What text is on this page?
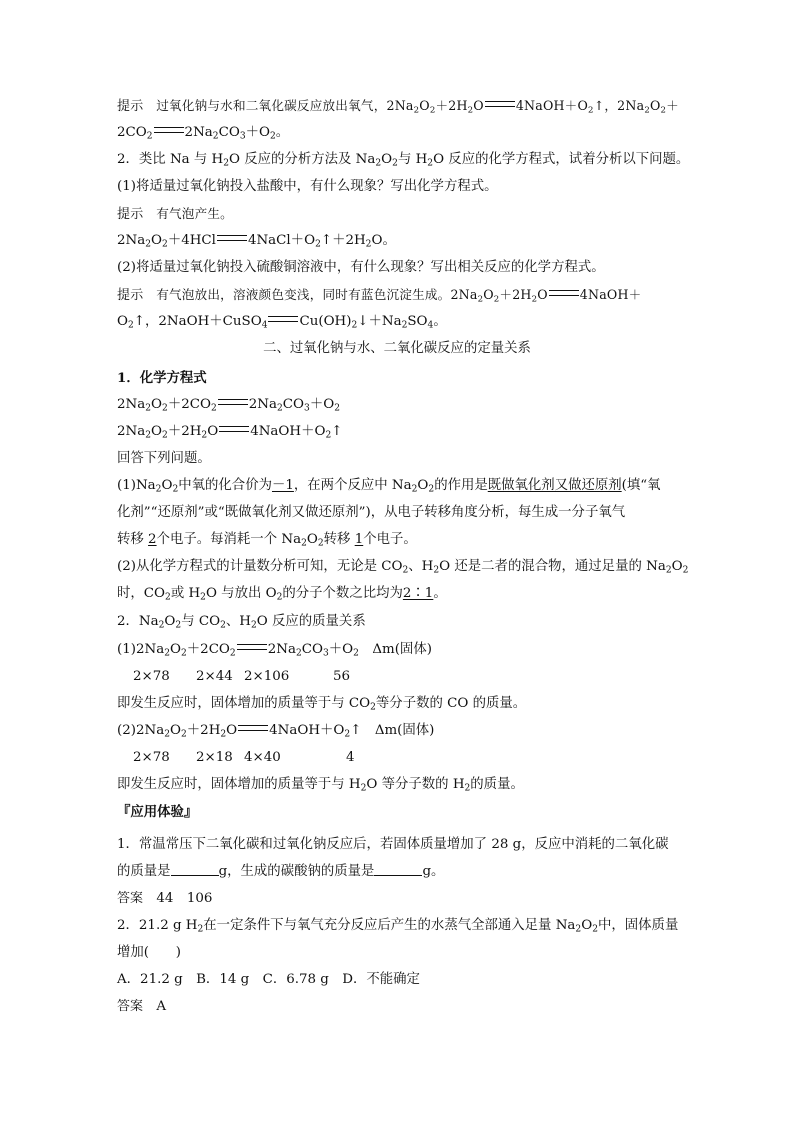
提示　过氧化钠与水和二氧化碳反应放出氧气，$2Na_2O_2+2H_2O$	$4NaOH+O_2↑$，$2Na_2O_2+$
$2CO_2$ $2Na_2CO_3+O_2$。
2．类比 Na 与 $H_2O$ 反应的分析方法及 $Na_2O_2$与 $H_2O$ 反应的化学方程式，试着分析以下问题。
(1)将适量过氧化钠投入盐酸中，有什么现象？写出化学方程式。
提示　有气泡产生。
$2Na_2O_2+4HCl$ $4NaCl+O_2↑+2H_2O$。
(2)将适量过氧化钠投入硫酸铜溶液中，有什么现象？写出相关反应的化学方程式。
提示　有气泡放出，溶液颜色变浅，同时有蓝色沉淀生成。$2Na_2O_2+2H_2O$	4NaOH＋
$O_2↑$，2NaOH＋CuSO$_4$ $Cu(OH)_2↓+Na_2SO_4$。
二、过氧化钠与水、二氧化碳反应的定量关系
1．化学方程式
$2Na_2O_2+2CO_2$ $2Na_2CO_3+O_2$
$2Na_2O_2+2H_2O$ $4NaOH+O_2↑$
回答下列问题。
$(1)Na_2O_2$中氧的化合价为－1，在两个反应中 $Na_2O_2$的作用是既做氧化剂又做还原剂(填“氧
化剂”“还原剂”或“既做氧化剂又做还原剂”)，从电子转移角度分析，每生成一分子氧气
转移 2个电子。每消耗一个 $Na_2O_2$转移 1个电子。
(2)从化学方程式的计量数分析可知，无论是 $CO_2$、$H_2O$ 还是二者的混合物，通过足量的 $Na_2O_2$
时，$CO_2$或 $H_2O$ 与放出 $O_2$的分子个数之比均为2∶1。
2．$Na_2O_2$与 $CO_2$、$H_2O$ 反应的质量关系
$(1)2Na_2O_2+2CO_2$ $2Na_2CO_3+O_2$　Δm(固体)
即发生反应时，固体增加的质量等于与 $CO_2$等分子数的 CO 的质量。
$(2)2Na_2O_2+2H_2O$ $4NaOH+O_2↑$　Δm(固体)
即发生反应时，固体增加的质量等于与 $H_2O$ 等分子数的 $H_2$的质量。
『应用体验』
1．常温常压下二氧化碳和过氧化钠反应后，若固体质量增加了 28 g，反应中消耗的二氧化碳
的质量是	g，生成的碳酸钠的质量是	g。
答案　44　106
2．21.2 g $H_2$在一定条件下与氧气充分反应后产生的水蒸气全部通入足量 $Na_2O_2$中，固体质量
增加(　　)
A．21.2 g　B．14 g　C．6.78 g　D．不能确定
答案　A
2×78 2×44 2×106	56
2×78 2×18 4×40	4
